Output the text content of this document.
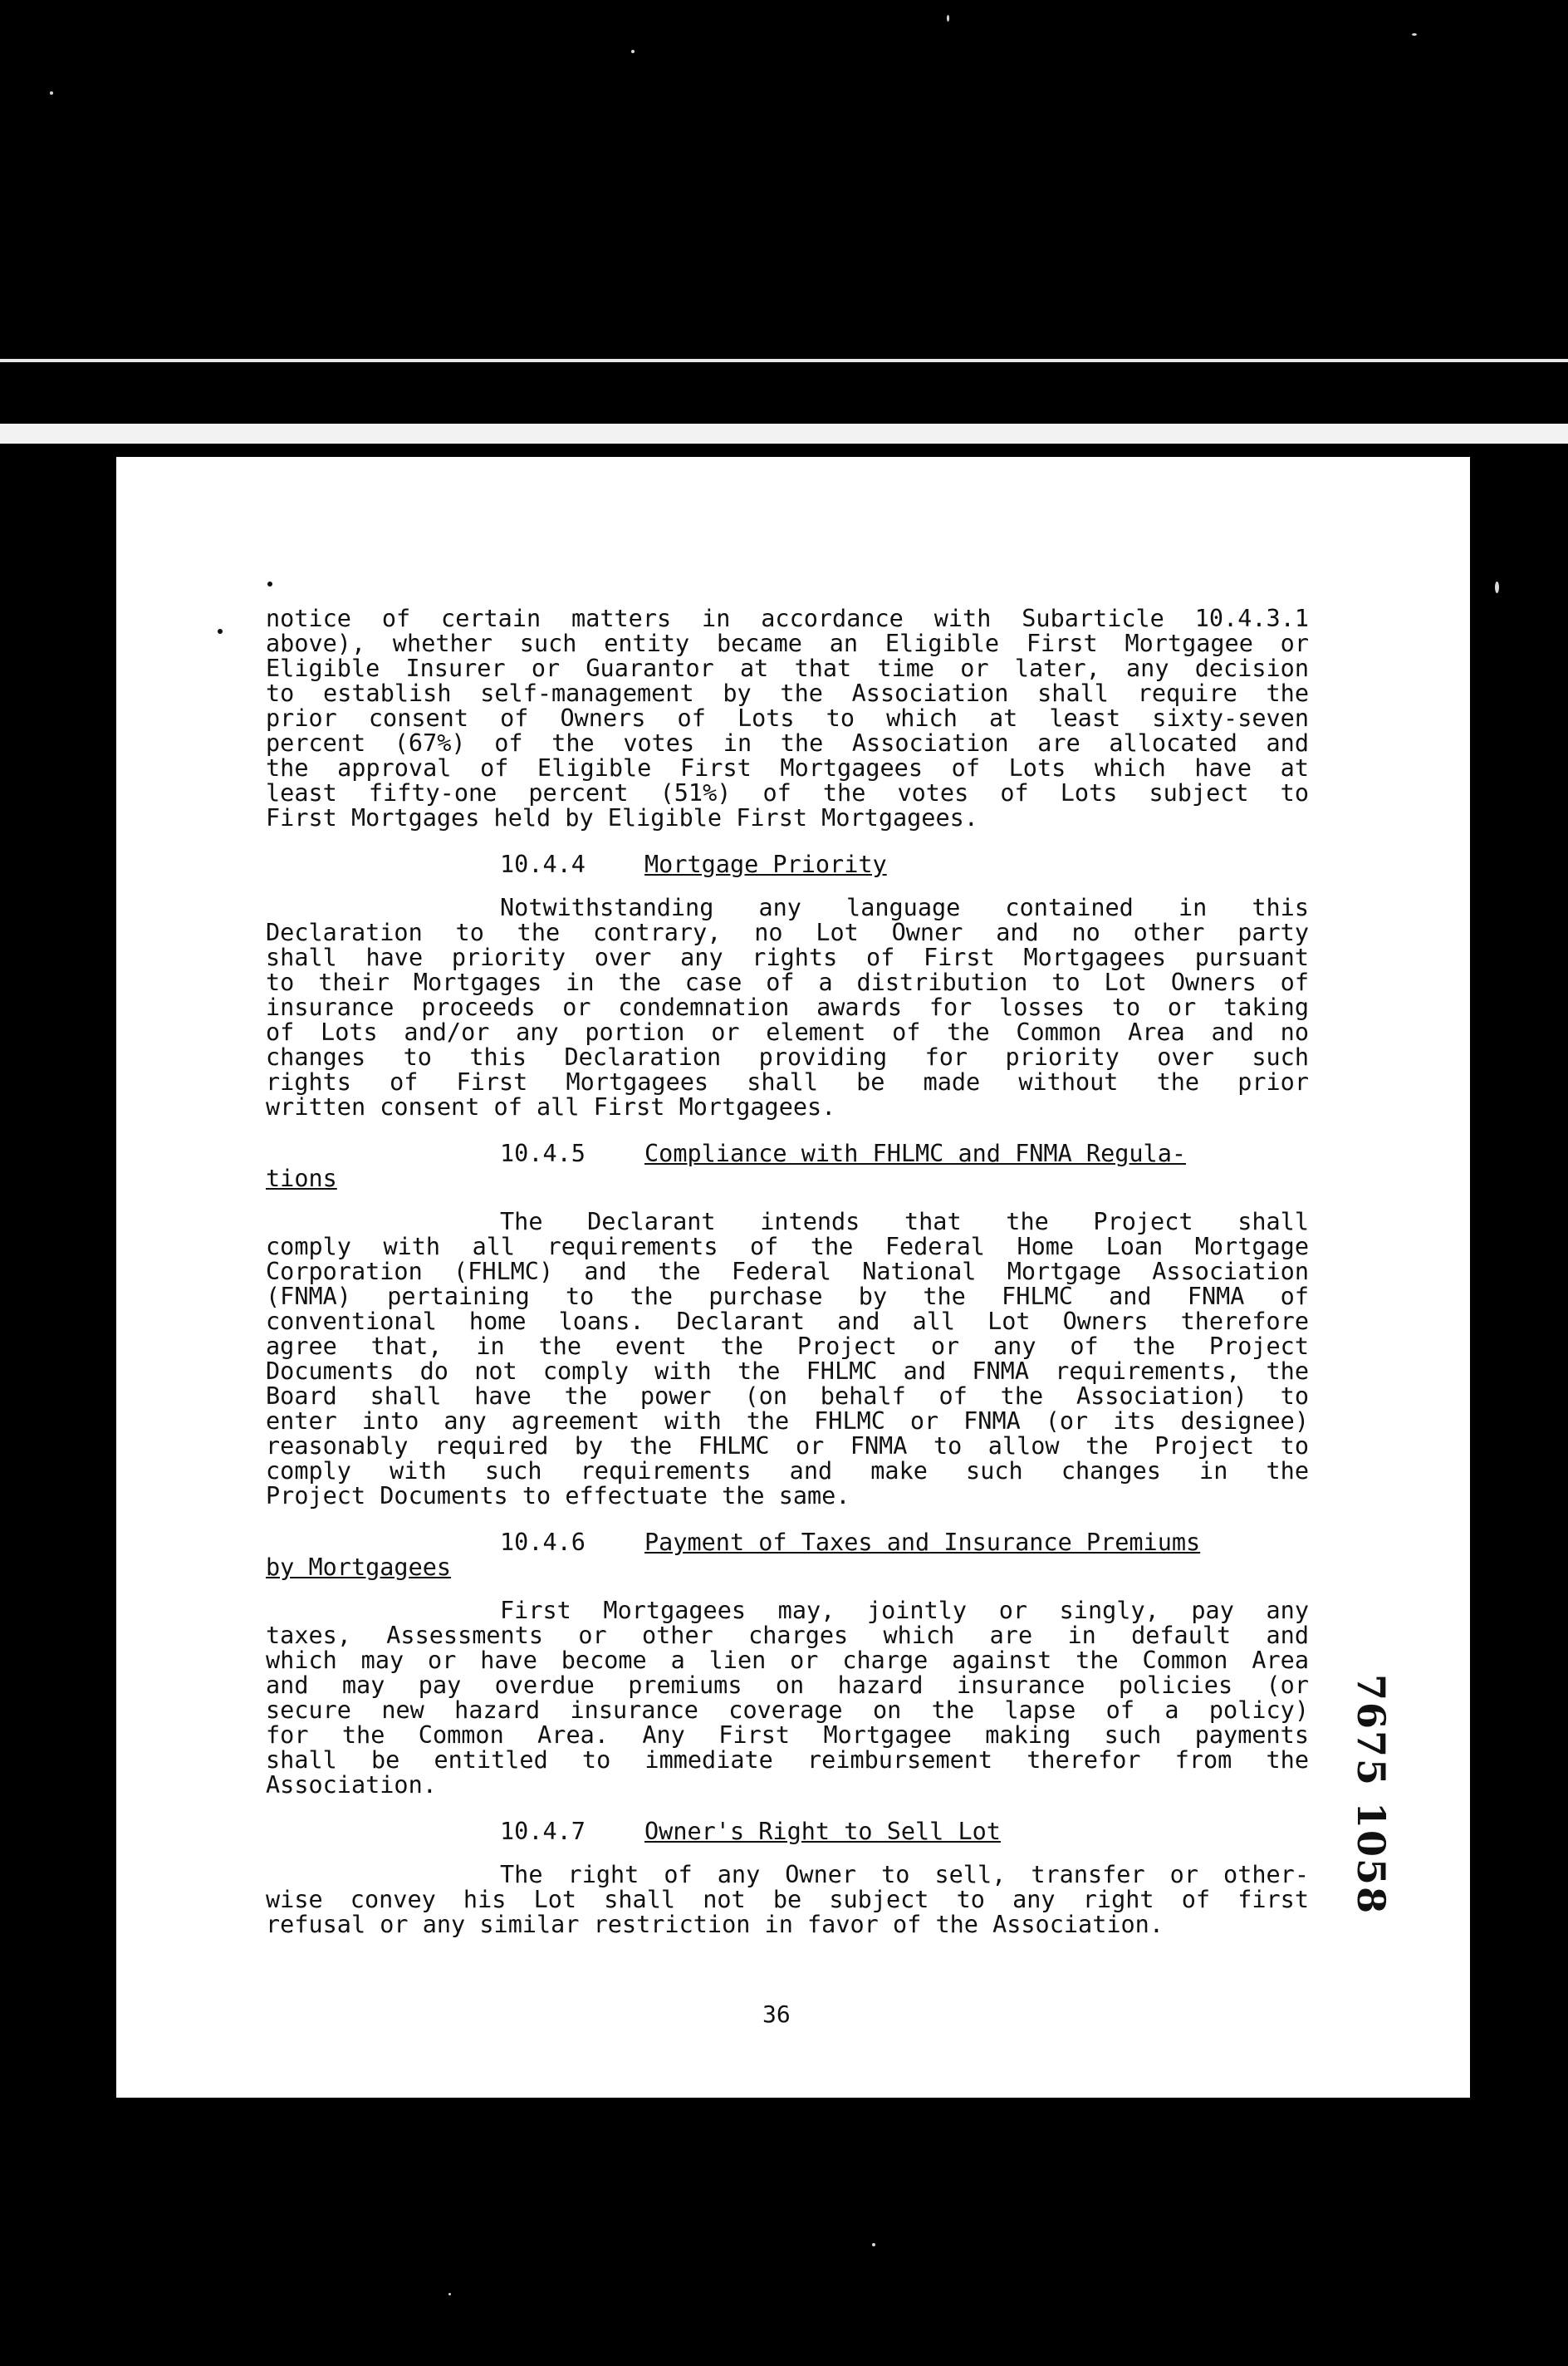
notice of certain matters in accordance with Subarticle 10.4.3.1
above), whether such entity became an Eligible First Mortgagee or
Eligible Insurer or Guarantor at that time or later, any decision
to establish self-management by the Association shall require the
prior consent of Owners of Lots to which at least sixty-seven
percent (67%) of the votes in the Association are allocated and
the approval of Eligible First Mortgagees of Lots which have at
least fifty-one percent (51%) of the votes of Lots subject to
First Mortgages held by Eligible First Mortgagees.
10.4.4 Mortgage Priority
Notwithstanding any language contained in this
Declaration to the contrary, no Lot Owner and no other party
shall have priority over any rights of First Mortgagees pursuant
to their Mortgages in the case of a distribution to Lot Owners of
insurance proceeds or condemnation awards for losses to or taking
of Lots and/or any portion or element of the Common Area and no
changes to this Declaration providing for priority over such
rights of First Mortgagees shall be made without the prior
written consent of all First Mortgagees.
10.4.5 Compliance with FHLMC and FNMA Regula-
tions
The Declarant intends that the Project shall
comply with all requirements of the Federal Home Loan Mortgage
Corporation (FHLMC) and the Federal National Mortgage Association
(FNMA) pertaining to the purchase by the FHLMC and FNMA of
conventional home loans. Declarant and all Lot Owners therefore
agree that, in the event the Project or any of the Project
Documents do not comply with the FHLMC and FNMA requirements, the
Board shall have the power (on behalf of the Association) to
enter into any agreement with the FHLMC or FNMA (or its designee)
reasonably required by the FHLMC or FNMA to allow the Project to
comply with such requirements and make such changes in the
Project Documents to effectuate the same.
10.4.6 Payment of Taxes and Insurance Premiums
by Mortgagees
First Mortgagees may, jointly or singly, pay any
taxes, Assessments or other charges which are in default and
which may or have become a lien or charge against the Common Area
and may pay overdue premiums on hazard insurance policies (or
secure new hazard insurance coverage on the lapse of a policy)
for the Common Area. Any First Mortgagee making such payments
shall be entitled to immediate reimbursement therefor from the
Association.
10.4.7 Owner's Right to Sell Lot
The right of any Owner to sell, transfer or other-
wise convey his Lot shall not be subject to any right of first
refusal or any similar restriction in favor of the Association.
36
7675 1058
